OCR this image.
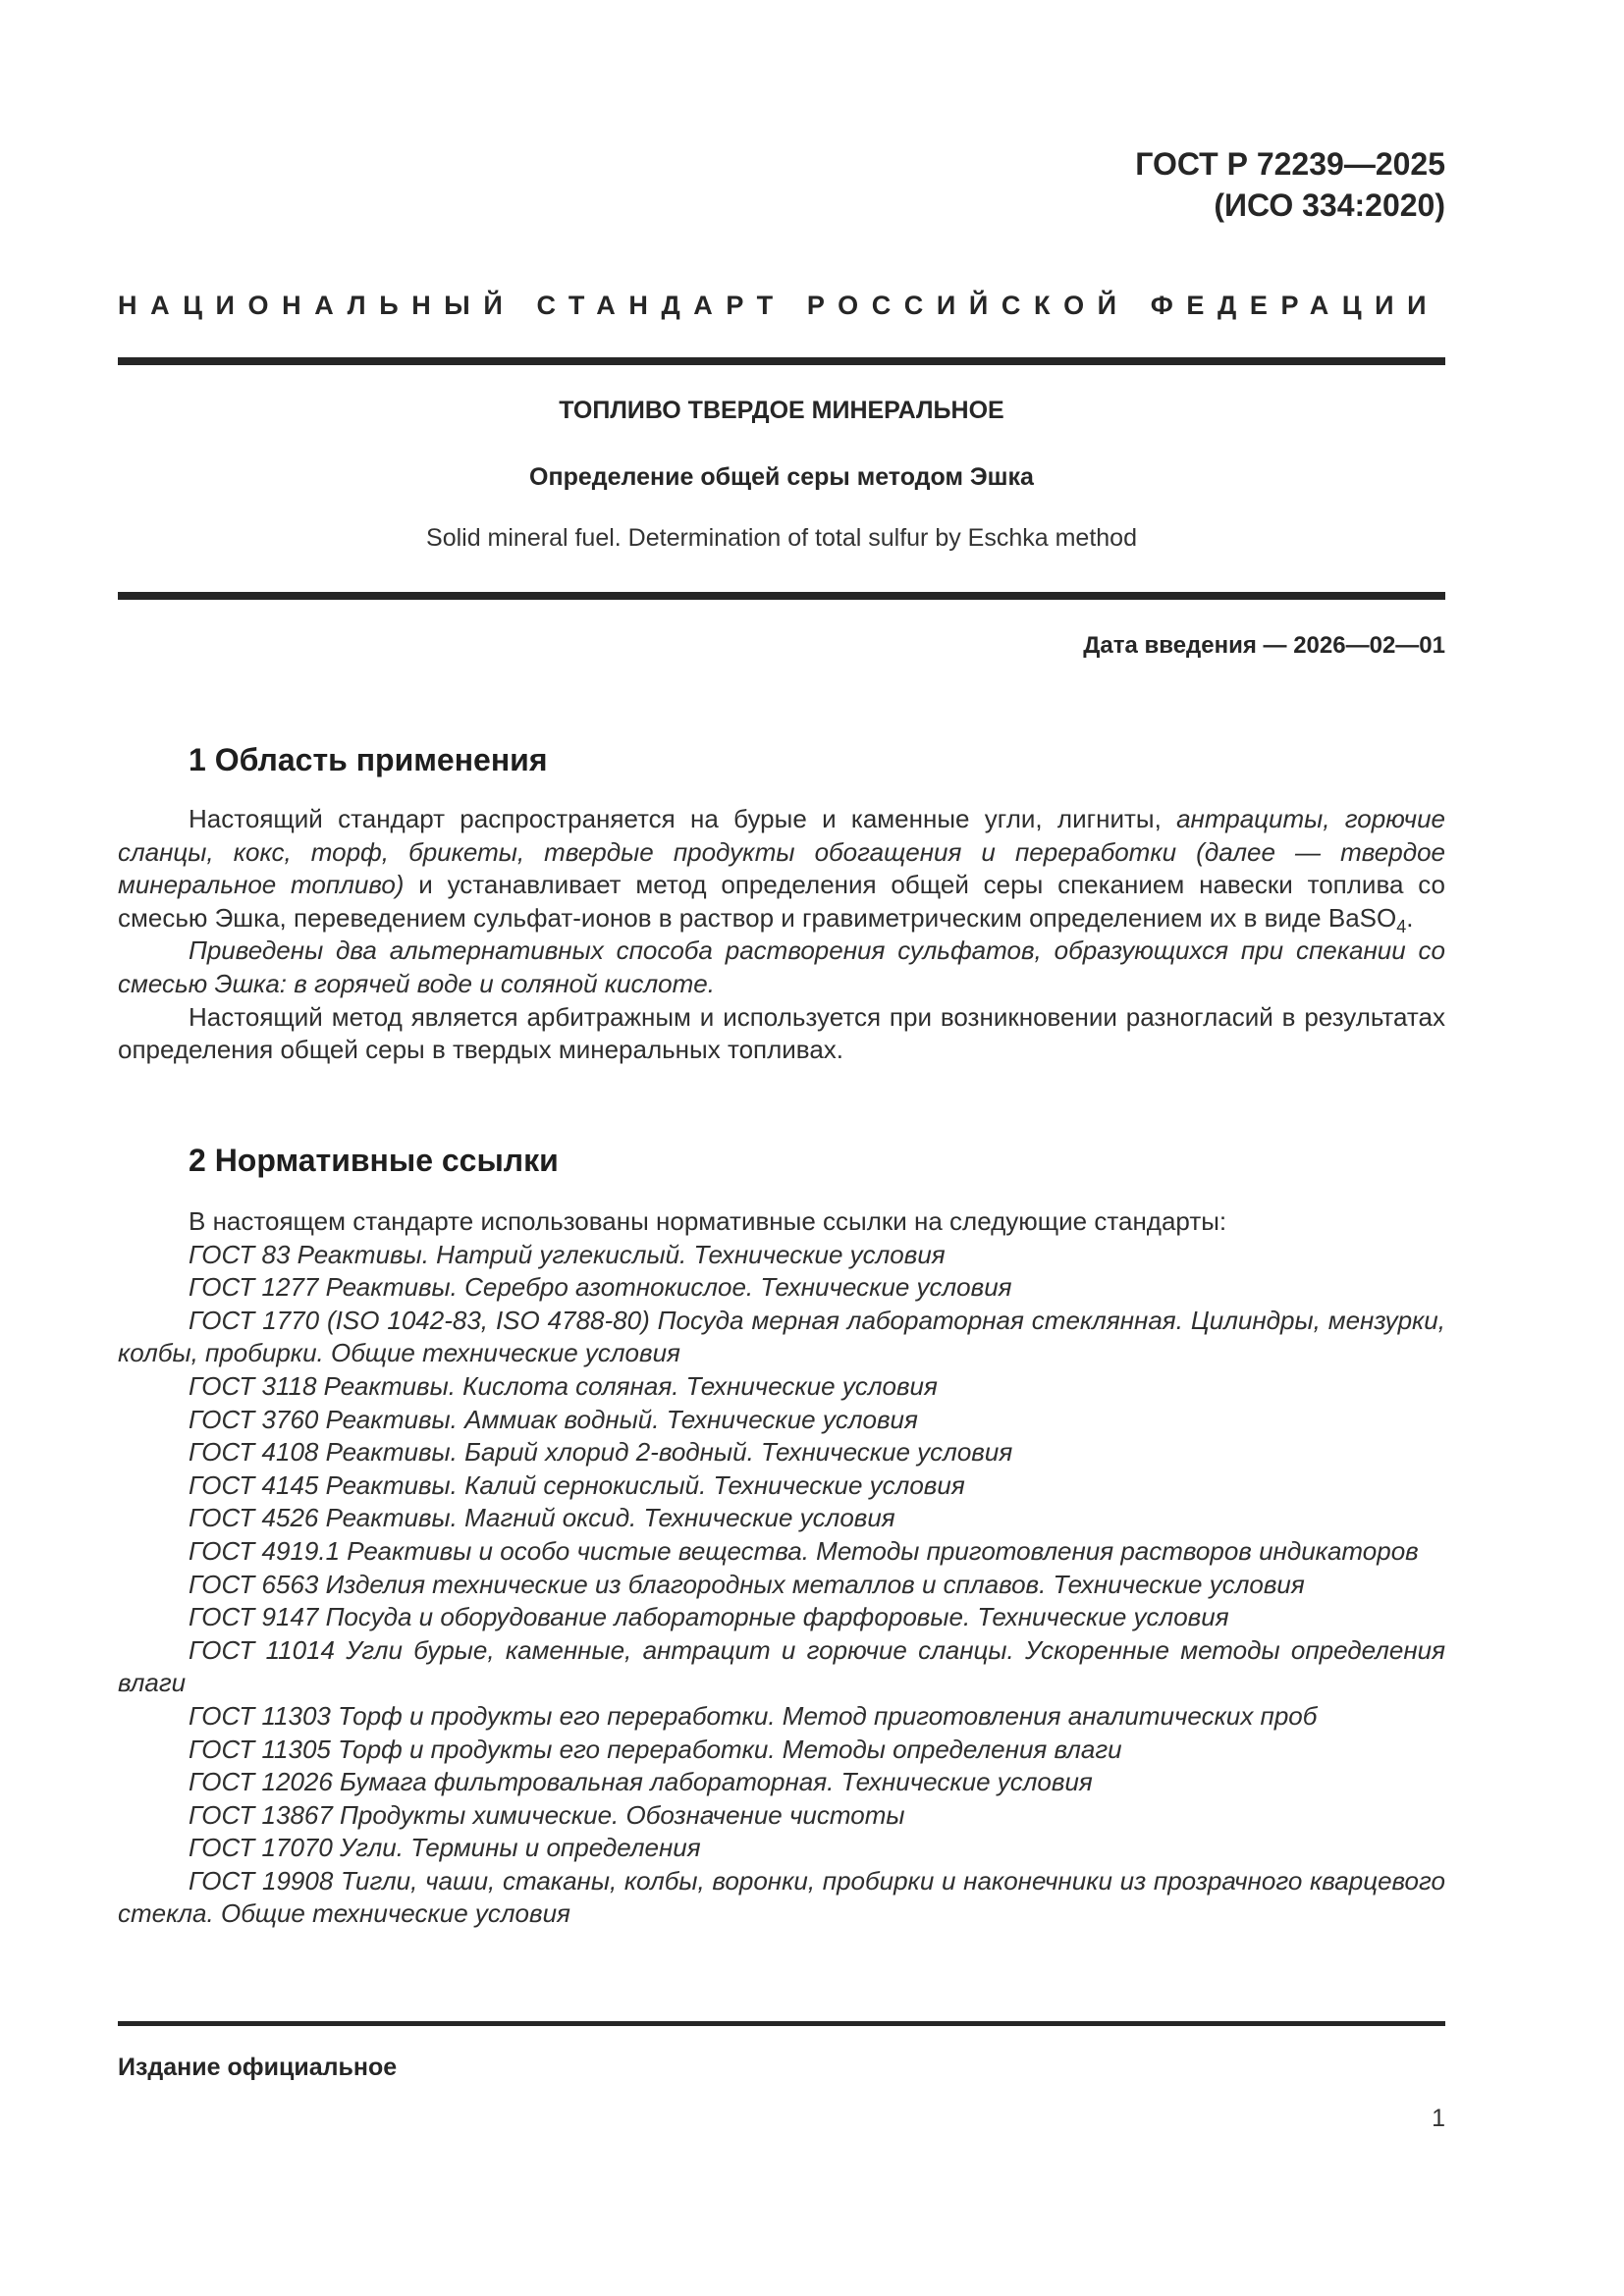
ГОСТ Р 72239—2025
(ИСО 334:2020)
НАЦИОНАЛЬНЫЙ СТАНДАРТ РОССИЙСКОЙ ФЕДЕРАЦИИ
ТОПЛИВО ТВЕРДОЕ МИНЕРАЛЬНОЕ
Определение общей серы методом Эшка
Solid mineral fuel. Determination of total sulfur by Eschka method
Дата введения — 2026—02—01
1 Область применения

Настоящий стандарт распространяется на бурые и каменные угли, лигниты, антрациты, горючие сланцы, кокс, торф, брикеты, твердые продукты обогащения и переработки (далее — твердое минеральное топливо) и устанавливает метод определения общей серы спеканием навески топлива со смесью Эшка, переведением сульфат-ионов в раствор и гравиметрическим определением их в виде BaSO$_4$.

Приведены два альтернативных способа растворения сульфатов, образующихся при спекании со смесью Эшка: в горячей воде и соляной кислоте.

Настоящий метод является арбитражным и используется при возникновении разногласий в результатах определения общей серы в твердых минеральных топливах.

2 Нормативные ссылки

В настоящем стандарте использованы нормативные ссылки на следующие стандарты:

ГОСТ 83 Реактивы. Натрий углекислый. Технические условия

ГОСТ 1277 Реактивы. Серебро азотнокислое. Технические условия

ГОСТ 1770 (ISO 1042-83, ISO 4788-80) Посуда мерная лабораторная стеклянная. Цилиндры, мензурки, колбы, пробирки. Общие технические условия

ГОСТ 3118 Реактивы. Кислота соляная. Технические условия

ГОСТ 3760 Реактивы. Аммиак водный. Технические условия

ГОСТ 4108 Реактивы. Барий хлорид 2-водный. Технические условия

ГОСТ 4145 Реактивы. Калий сернокислый. Технические условия

ГОСТ 4526 Реактивы. Магний оксид. Технические условия

ГОСТ 4919.1 Реактивы и особо чистые вещества. Методы приготовления растворов индикаторов

ГОСТ 6563 Изделия технические из благородных металлов и сплавов. Технические условия

ГОСТ 9147 Посуда и оборудование лабораторные фарфоровые. Технические условия

ГОСТ 11014 Угли бурые, каменные, антрацит и горючие сланцы. Ускоренные методы определения влаги

ГОСТ 11303 Торф и продукты его переработки. Метод приготовления аналитических проб

ГОСТ 11305 Торф и продукты его переработки. Методы определения влаги

ГОСТ 12026 Бумага фильтровальная лабораторная. Технические условия

ГОСТ 13867 Продукты химические. Обозначение чистоты

ГОСТ 17070 Угли. Термины и определения

ГОСТ 19908 Тигли, чаши, стаканы, колбы, воронки, пробирки и наконечники из прозрачного кварцевого стекла. Общие технические условия

Издание официальное
1
